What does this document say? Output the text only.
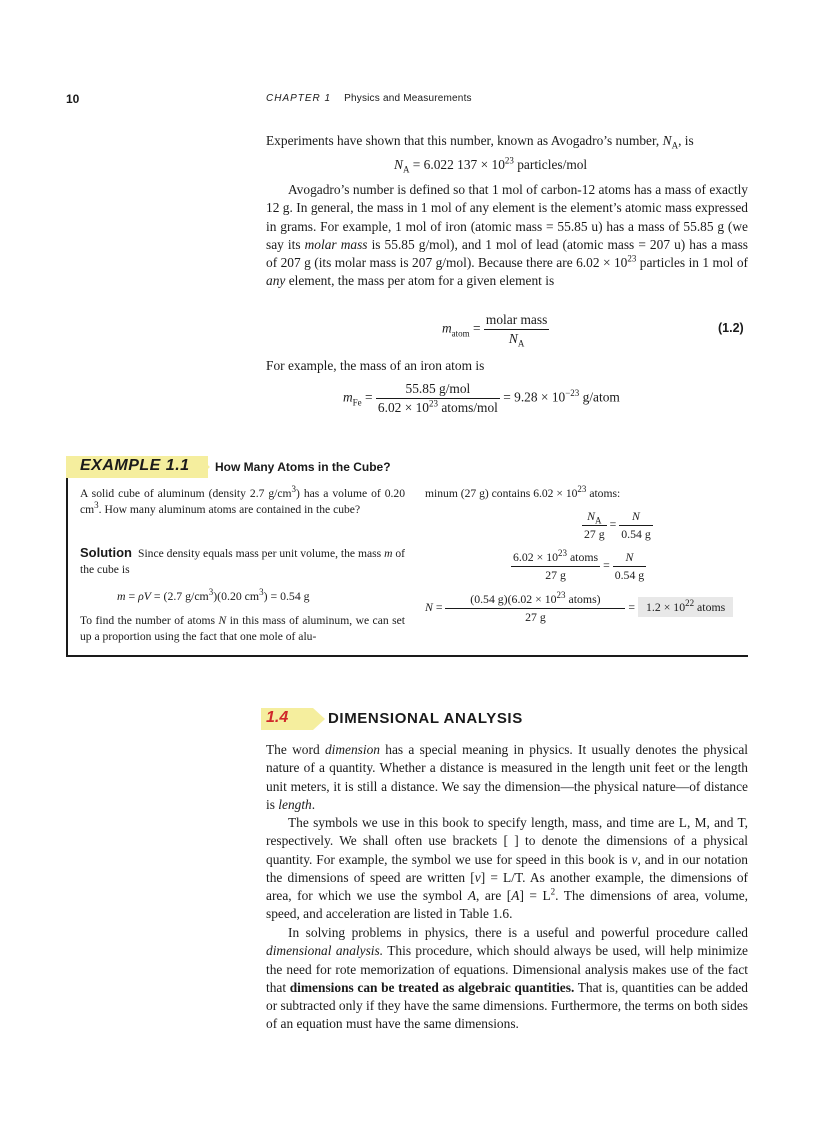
10	CHAPTER 1 Physics and Measurements
Experiments have shown that this number, known as Avogadro’s number, $N_A$, is
$N_A = 6.022$ $137 \times 10^{23}$ particles/mol
Avogadro’s number is defined so that 1 mol of carbon-12 atoms has a mass of exactly 12 g. In general, the mass in 1 mol of any element is the element’s atomic mass expressed in grams. For example, 1 mol of iron (atomic mass = 55.85 u) has a mass of 55.85 g (we say its molar mass is 55.85 g/mol), and 1 mol of lead (atomic mass = 207 u) has a mass of 207 g (its molar mass is 207 g/mol). Because there are $6.02 \times 10^{23}$ particles in 1 mol of any element, the mass per atom for a given element is
$m_{atom} = \frac{\text{molar mass}}{N_A}$	(1.2)
For example, the mass of an iron atom is
$m_{Fe} = \frac{\text{55.85 g/mol}}{6.02 \times 10^{23} atoms/mol} = 9.28 \times 10^{-23}$ g/atom
EXAMPLE 1.1 How Many Atoms in the Cube?
A solid cube of aluminum (density 2.7 $g/cm^3$) has a volume of 0.20 $cm^3$. How many aluminum atoms are contained in the cube?
Solution Since density equals mass per unit volume, the mass m of the cube is
m = ρV = (2.7 $g/cm^3)(0.20$ $cm^3) = 0.54$ g
To find the number of atoms N in this mass of aluminum, we can set up a proportion using the fact that one mole of alu-
minum (27 g) contains $6.02 \times 10^{23}$ atoms:
$\frac{N_A}{27 g} = \frac{N}{0.54 g}$
$\frac{6.02 \times 10^{23} atoms}{27 g} = \frac{N}{0.54 g}$
$N = \frac{(0.54 g)(6.02 \times 10^{23} atoms)}{27 g} = 1.2 \times 10^{22}$ atoms
1.4	DIMENSIONAL ANALYSIS
The word dimension has a special meaning in physics. It usually denotes the physical nature of a quantity. Whether a distance is measured in the length unit feet or the length unit meters, it is still a distance. We say the dimension—the physical nature—of distance is length.
The symbols we use in this book to specify length, mass, and time are L, M, and T, respectively. We shall often use brackets [ ] to denote the dimensions of a physical quantity. For example, the symbol we use for speed in this book is v, and in our notation the dimensions of speed are written [v] = L/T. As another example, the dimensions of area, for which we use the symbol A, are $[A] = L^2$. The dimensions of area, volume, speed, and acceleration are listed in Table 1.6.
In solving problems in physics, there is a useful and powerful procedure called dimensional analysis. This procedure, which should always be used, will help minimize the need for rote memorization of equations. Dimensional analysis makes use of the fact that dimensions can be treated as algebraic quantities. That is, quantities can be added or subtracted only if they have the same dimensions. Furthermore, the terms on both sides of an equation must have the same dimensions.
